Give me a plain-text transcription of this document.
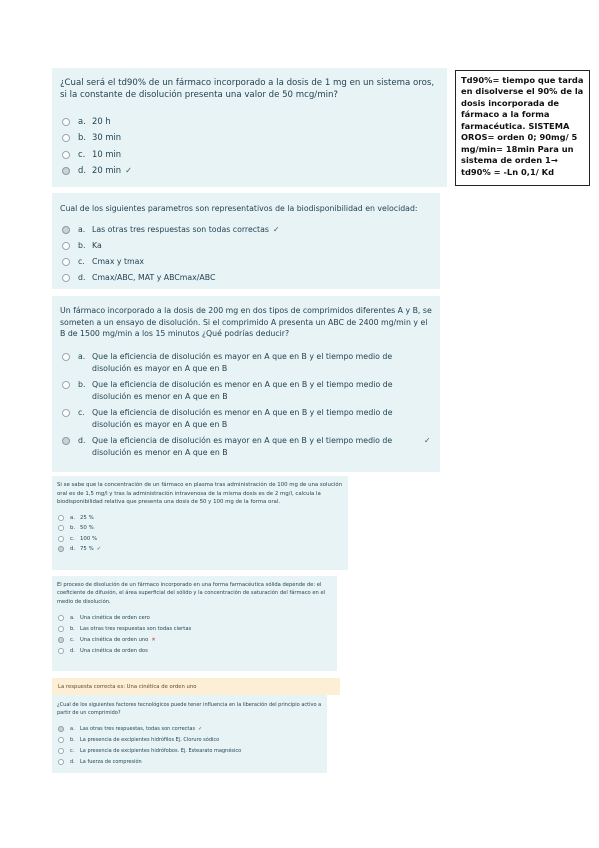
Td90%= tiempo que tarda en disolverse el 90% de la dosis incorporada de fármaco a la forma farmacéutica. SISTEMA OROS= orden 0; 90mg/ 5 mg/min= 18min Para un sistema de orden 1→ td90% = -Ln 0,1/ Kd

¿Cual será el td90% de un fármaco incorporado a la dosis de 1 mg en un sistema oros, si la constante de disolución presenta una valor de 50 mcg/min?

a. 20 h
b. 30 min
c. 10 min
d. 20 min ✓

Cual de los siguientes parametros son representativos de la biodisponibilidad en velocidad:

a. Las otras tres respuestas son todas correctas ✓
b. Ka
c. Cmax y tmax
d. Cmax/ABC, MAT y ABCmax/ABC

Un fármaco incorporado a la dosis de 200 mg en dos tipos de comprimidos diferentes A y B, se someten a un ensayo de disolución. Si el comprimido A presenta un ABC de 2400 mg/min y el B de 1500 mg/min a los 15 minutos ¿Qué podrías deducir?

a. Que la eficiencia de disolución es mayor en A que en B y el tiempo medio de disolución es mayor en A que en B
b. Que la eficiencia de disolución es menor en A que en B y el tiempo medio de disolución es menor en A que en B
c. Que la eficiencia de disolución es menor en A que en B y el tiempo medio de disolución es mayor en A que en B
d. Que la eficiencia de disolución es mayor en A que en B y el tiempo medio de disolución es menor en A que en B
✓

Si se sabe que la concentración de un fármaco en plasma tras administración de 100 mg de una solución oral es de 1,5 mg/l y tras la administración intravenosa de la misma dosis es de 2 mg/l, calcula la biodisponibilidad relativa que presenta una dosis de 50 y 100 mg de la forma oral.

a. 25 %
b. 50 %
c. 100 %
d. 75 % ✓

El proceso de disolución de un fármaco incorporado en una forma farmacéutica sólida depende de: el coeficiente de difusión, el área superficial del sólido y la concentración de saturación del fármaco en el medio de disolución.

a. Una cinética de orden cero
b. Las otras tres respuestas son todas ciertas
c.	Una cinética de orden uno ✕
d. Una cinética de orden dos
La respuesta correcta es: Una cinética de orden uno

¿Cual de los siguientes factores tecnológicos puede tener influencia en la liberación del principio activo a partir de un comprimido?

a.	Las otras tres respuestas, todas son correctas ✓
b.	La presencia de excipientes hidrófilos Ej. Cloruro sódico
c.	La presencia de excipientes hidrófobos. Ej. Estearato magnésico
d.	La fuerza de compresión
